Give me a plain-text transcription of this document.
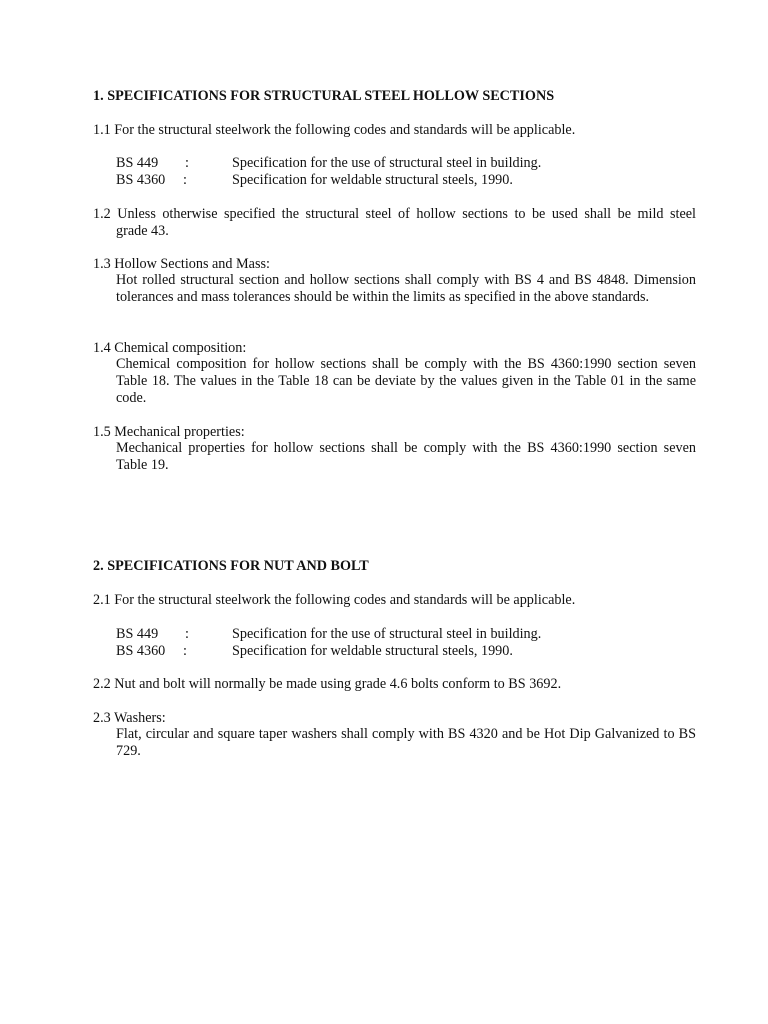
1. SPECIFICATIONS FOR STRUCTURAL STEEL HOLLOW SECTIONS
1.1 For the structural steelwork the following codes and standards will be applicable.
BS 449 :	Specification for the use of structural steel in building.
BS 4360 :	Specification for weldable structural steels, 1990.
1.2 Unless otherwise specified the structural steel of hollow sections to be used shall be mild steel
grade 43.
1.3 Hollow Sections and Mass:
Hot rolled structural section and hollow sections shall comply with BS 4 and BS 4848. Dimension tolerances and mass tolerances should be within the limits as specified in the above standards.
1.4 Chemical composition:
Chemical composition for hollow sections shall be comply with the BS 4360:1990 section seven Table 18. The values in the Table 18 can be deviate by the values given in the Table 01 in the same code.
1.5 Mechanical properties:
Mechanical properties for hollow sections shall be comply with the BS 4360:1990 section seven Table 19.
2. SPECIFICATIONS FOR NUT AND BOLT
2.1 For the structural steelwork the following codes and standards will be applicable.
BS 449 :	Specification for the use of structural steel in building.
BS 4360 :	Specification for weldable structural steels, 1990.
2.2 Nut and bolt will normally be made using grade 4.6 bolts conform to BS 3692.
2.3 Washers:
Flat, circular and square taper washers shall comply with BS 4320 and be Hot Dip Galvanized to BS 729.
